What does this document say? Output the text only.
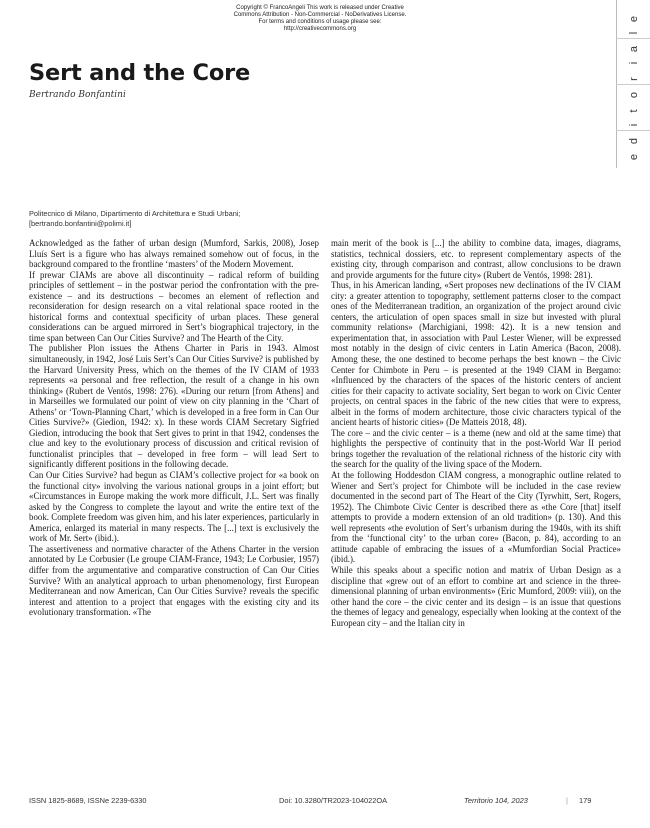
Copyright © FrancoAngeli This work is released under Creative
Commons Attribution - Non-Commercial - NoDerivatives License.
For terms and conditions of usage please see:
http://creativecommons.org
e
l
a
i
r
o
t
i
d
e
Sert and the Core
Bertrando Bonfantini
Politecnico di Milano, Dipartimento di Architettura e Studi Urbani;
[bertrando.bonfantini@polimi.it]

Acknowledged as the father of urban design (Mumford, Sarkis, 2008), Josep Lluís Sert is a figure who has always remained somehow out of focus, in the background compared to the frontline ‘masters’ of the Modern Movement.

If prewar CIAMs are above all discontinuity – radical reform of building principles of settlement – in the postwar period the confrontation with the pre-existence – and its destructions – becomes an element of reflection and reconsideration for design research on a vital relational space rooted in the historical forms and contextual specificity of urban places. These general considerations can be argued mirrored in Sert’s biographical trajectory, in the time span between Can Our Cities Survive? and The Hearth of the City.

The publisher Plon issues the Athens Charter in Paris in 1943. Almost simultaneously, in 1942, José Luis Sert’s Can Our Cities Survive? is published by the Harvard University Press, which on the themes of the IV CIAM of 1933 represents «a personal and free reflection, the result of a change in his own thinking» (Rubert de Ventós, 1998: 276). «During our return [from Athens] and in Marseilles we formulated our point of view on city planning in the ‘Chart of Athens’ or ‘Town-Planning Chart,’ which is developed in a free form in Can Our Cities Survive?» (Giedion, 1942: x). In these words CIAM Secretary Sigfried Giedion, introducing the book that Sert gives to print in that 1942, condenses the clue and key to the evolutionary process of discussion and critical revision of functionalist principles that – developed in free form – will lead Sert to significantly different positions in the following decade.

Can Our Cities Survive? had begun as CIAM’s collective project for «a book on the functional city» involving the various national groups in a joint effort; but «Circumstances in Europe making the work more difficult, J.L. Sert was finally asked by the Congress to complete the layout and write the entire text of the book. Complete freedom was given him, and his later experiences, particularly in America, enlarged its material in many respects. The [...] text is exclusively the work of Mr. Sert» (ibid.).

The assertiveness and normative character of the Athens Charter in the version annotated by Le Corbusier (Le groupe CIAM-France, 1943; Le Corbusier, 1957) differ from the argumentative and comparative construction of Can Our Cities Survive? With an analytical approach to urban phenomenology, first European Mediterranean and now American, Can Our Cities Survive? reveals the specific interest and attention to a project that engages with the existing city and its evolutionary transformation. «The

main merit of the book is [...] the ability to combine data, images, diagrams, statistics, technical dossiers, etc. to represent complementary aspects of the existing city, through comparison and contrast, allow conclusions to be drawn and provide arguments for the future city» (Rubert de Ventós, 1998: 281).

Thus, in his American landing, «Sert proposes new declinations of the IV CIAM city: a greater attention to topography, settlement patterns closer to the compact ones of the Mediterranean tradition, an organization of the project around civic centers, the articulation of open spaces small in size but invested with plural community relations» (Marchigiani, 1998: 42). It is a new tension and experimentation that, in association with Paul Lester Wiener, will be expressed most notably in the design of civic centers in Latin America (Bacon, 2008). Among these, the one destined to become perhaps the best known – the Civic Center for Chimbote in Peru – is presented at the 1949 CIAM in Bergamo: «Influenced by the characters of the spaces of the historic centers of ancient cities for their capacity to activate sociality, Sert began to work on Civic Center projects, on central spaces in the fabric of the new cities that were to express, albeit in the forms of modern architecture, those civic characters typical of the ancient hearts of historic cities» (De Matteis 2018, 48).

The core – and the civic center – is a theme (new and old at the same time) that highlights the perspective of continuity that in the post-World War II period brings together the revaluation of the relational richness of the historic city with the search for the quality of the living space of the Modern.

At the following Hoddesdon CIAM congress, a monographic outline related to Wiener and Sert’s project for Chimbote will be included in the case review documented in the second part of The Heart of the City (Tyrwhitt, Sert, Rogers, 1952). The Chimbote Civic Center is described there as «the Core [that] itself attempts to provide a modern extension of an old tradition» (p. 130). And this well represents «the evolution of Sert’s urbanism during the 1940s, with its shift from the ‘functional city’ to the urban core» (Bacon, p. 84), according to an attitude capable of embracing the issues of a «Mumfordian Social Practice» (ibid.).

While this speaks about a specific notion and matrix of Urban Design as a discipline that «grew out of an effort to combine art and science in the three-dimensional planning of urban environments» (Eric Mumford, 2009: viii), on the other hand the core – the civic center and its design – is an issue that questions the themes of legacy and genealogy, especially when looking at the context of the European city – and the Italian city in

ISSN 1825-8689, ISSNe 2239-6330	Doi: 10.3280/TR2023-104022OA	Territorio 104, 2023	| 179
